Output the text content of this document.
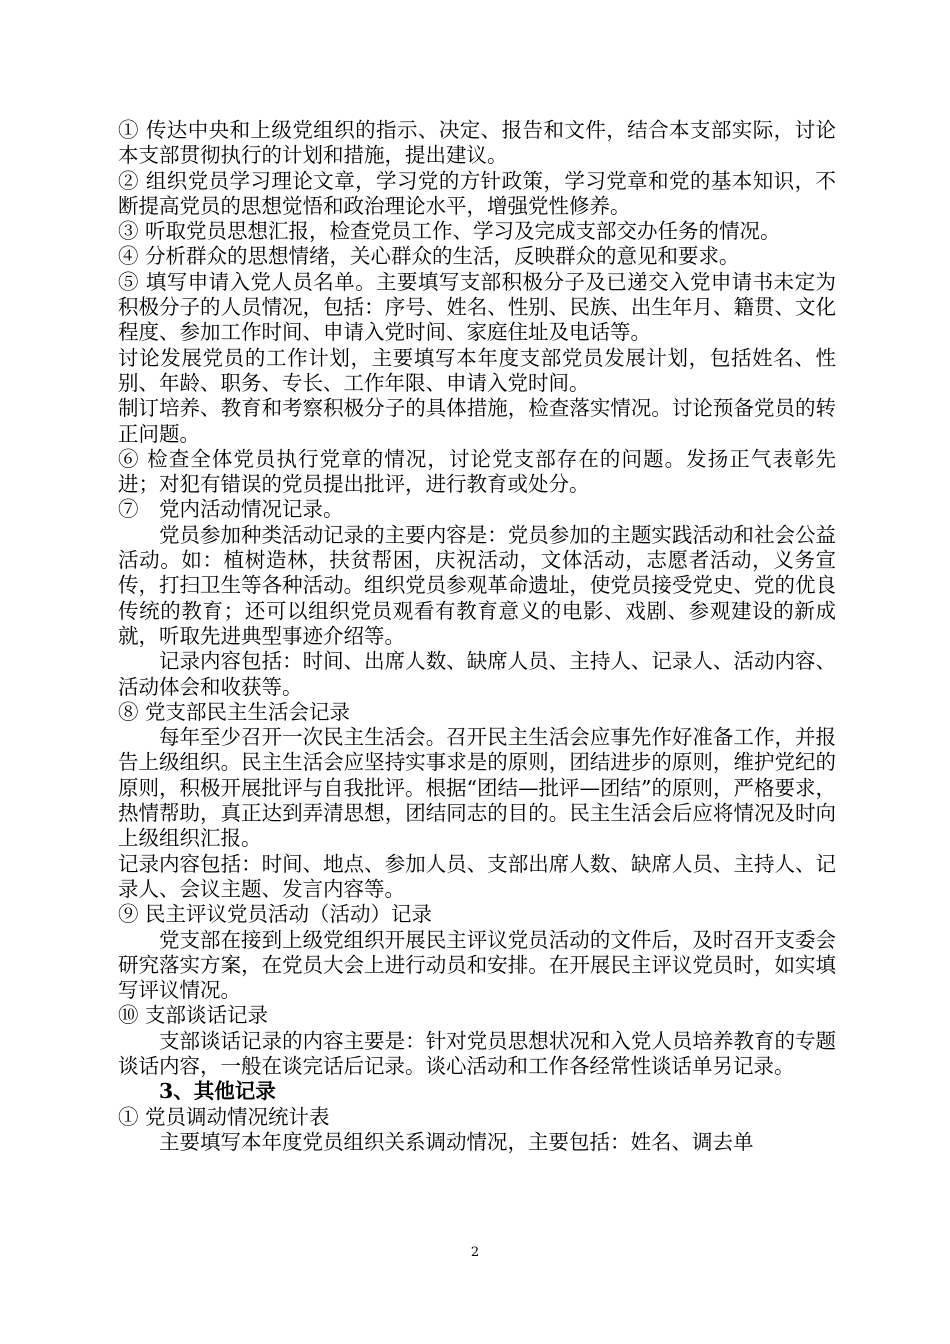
① 传达中央和上级党组织的指示、决定、报告和文件，结合本支部实际，讨论本支部贯彻执行的计划和措施，提出建议。

② 组织党员学习理论文章，学习党的方针政策，学习党章和党的基本知识，不断提高党员的思想觉悟和政治理论水平，增强党性修养。

③ 听取党员思想汇报，检查党员工作、学习及完成支部交办任务的情况。

④ 分析群众的思想情绪，关心群众的生活，反映群众的意见和要求。

⑤ 填写申请入党人员名单。主要填写支部积极分子及已递交入党申请书未定为积极分子的人员情况，包括：序号、姓名、性别、民族、出生年月、籍贯、文化程度、参加工作时间、申请入党时间、家庭住址及电话等。

讨论发展党员的工作计划，主要填写本年度支部党员发展计划，包括姓名、性别、年龄、职务、专长、工作年限、申请入党时间。

制订培养、教育和考察积极分子的具体措施，检查落实情况。讨论预备党员的转正问题。

⑥ 检查全体党员执行党章的情况，讨论党支部存在的问题。发扬正气表彰先进；对犯有错误的党员提出批评，进行教育或处分。

⑦　党内活动情况记录。

党员参加种类活动记录的主要内容是：党员参加的主题实践活动和社会公益活动。如：植树造林，扶贫帮困，庆祝活动，文体活动，志愿者活动，义务宣传，打扫卫生等各种活动。组织党员参观革命遗址，使党员接受党史、党的优良传统的教育；还可以组织党员观看有教育意义的电影、戏剧、参观建设的新成就，听取先进典型事迹介绍等。

记录内容包括：时间、出席人数、缺席人员、主持人、记录人、活动内容、活动体会和收获等。

⑧ 党支部民主生活会记录

每年至少召开一次民主生活会。召开民主生活会应事先作好准备工作，并报告上级组织。民主生活会应坚持实事求是的原则，团结进步的原则，维护党纪的原则，积极开展批评与自我批评。根据“团结—批评—团结”的原则，严格要求，热情帮助，真正达到弄清思想，团结同志的目的。民主生活会后应将情况及时向上级组织汇报。

记录内容包括：时间、地点、参加人员、支部出席人数、缺席人员、主持人、记录人、会议主题、发言内容等。

⑨ 民主评议党员活动（活动）记录

党支部在接到上级党组织开展民主评议党员活动的文件后，及时召开支委会研究落实方案，在党员大会上进行动员和安排。在开展民主评议党员时，如实填写评议情况。

⑩ 支部谈话记录

支部谈话记录的内容主要是：针对党员思想状况和入党人员培养教育的专题谈话内容，一般在谈完话后记录。谈心活动和工作各经常性谈话单另记录。

3、其他记录

① 党员调动情况统计表

主要填写本年度党员组织关系调动情况，主要包括：姓名、调去单

2
